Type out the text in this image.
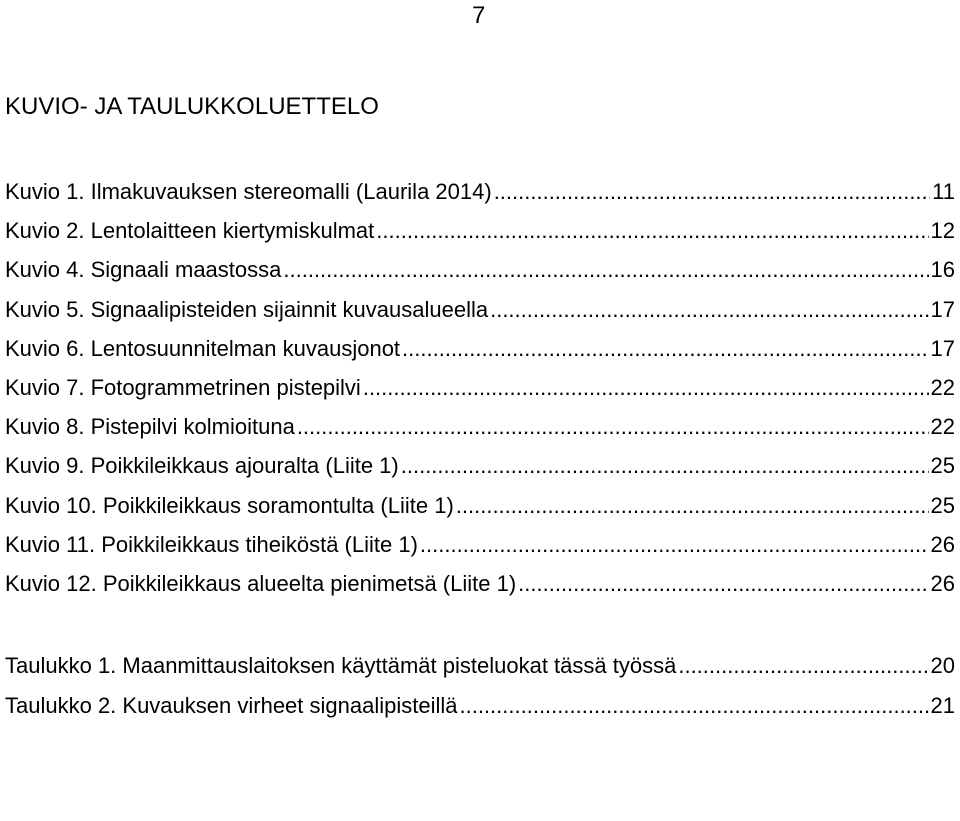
7
KUVIO- JA TAULUKKOLUETTELO
Kuvio 1. Ilmakuvauksen stereomalli (Laurila 2014) .....	11
Kuvio 2. Lentolaitteen kiertymiskulmat .....	12
Kuvio 4. Signaali maastossa .....	16
Kuvio 5. Signaalipisteiden sijainnit kuvausalueella .....	17
Kuvio 6. Lentosuunnitelman kuvausjonot .....	17
Kuvio 7. Fotogrammetrinen pistepilvi .....	22
Kuvio 8. Pistepilvi kolmioituna .....	22
Kuvio 9. Poikkileikkaus ajouralta (Liite 1) .....	25
Kuvio 10. Poikkileikkaus soramontulta (Liite 1) .....	25
Kuvio 11. Poikkileikkaus tiheiköstä (Liite 1) .....	26
Kuvio 12. Poikkileikkaus alueelta pienimetsä (Liite 1) .....	26
Taulukko 1. Maanmittauslaitoksen käyttämät pisteluokat tässä työssä .....	20
Taulukko 2. Kuvauksen virheet signaalipisteillä .....	21
